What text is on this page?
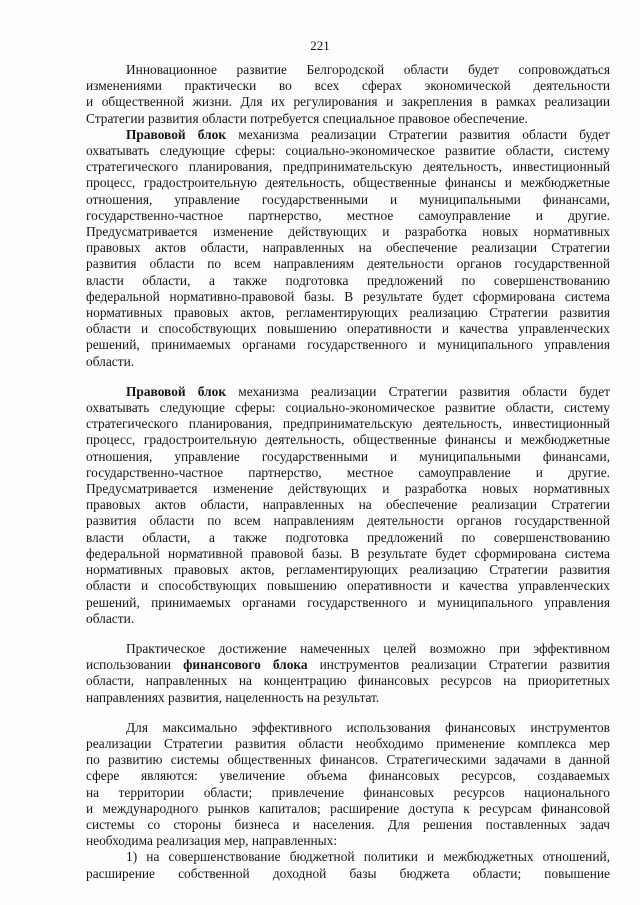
221

Инновационное развитие Белгородской области будет сопровождаться
изменениями практически во всех сферах экономической деятельности
и общественной жизни. Для их регулирования и закрепления в рамках реализации
Стратегии развития области потребуется специальное правовое обеспечение.

Правовой блок механизма реализации Стратегии развития области будет
охватывать следующие сферы: социально-экономическое развитие области, систему
стратегического планирования, предпринимательскую деятельность, инвестиционный
процесс, градостроительную деятельность, общественные финансы и межбюджетные
отношения, управление государственными и муниципальными финансами,
государственно-частное партнерство, местное самоуправление и другие.
Предусматривается изменение действующих и разработка новых нормативных
правовых актов области, направленных на обеспечение реализации Стратегии
развития области по всем направлениям деятельности органов государственной
власти области, а также подготовка предложений по совершенствованию
федеральной нормативно-правовой базы. В результате будет сформирована система
нормативных правовых актов, регламентирующих реализацию Стратегии развития
области и способствующих повышению оперативности и качества управленческих
решений, принимаемых органами государственного и муниципального управления
области.

Правовой блок механизма реализации Стратегии развития области будет
охватывать следующие сферы: социально-экономическое развитие области, систему
стратегического планирования, предпринимательскую деятельность, инвестиционный
процесс, градостроительную деятельность, общественные финансы и межбюджетные
отношения, управление государственными и муниципальными финансами,
государственно-частное партнерство, местное самоуправление и другие.
Предусматривается изменение действующих и разработка новых нормативных
правовых актов области, направленных на обеспечение реализации Стратегии
развития области по всем направлениям деятельности органов государственной
власти области, а также подготовка предложений по совершенствованию
федеральной нормативной правовой базы. В результате будет сформирована система
нормативных правовых актов, регламентирующих реализацию Стратегии развития
области и способствующих повышению оперативности и качества управленческих
решений, принимаемых органами государственного и муниципального управления
области.

Практическое достижение намеченных целей возможно при эффективном
использовании финансового блока инструментов реализации Стратегии развития
области, направленных на концентрацию финансовых ресурсов на приоритетных
направлениях развития, нацеленность на результат.

Для максимально эффективного использования финансовых инструментов
реализации Стратегии развития области необходимо применение комплекса мер
по развитию системы общественных финансов. Стратегическими задачами в данной
сфере являются: увеличение объема финансовых ресурсов, создаваемых
на территории области; привлечение финансовых ресурсов национального
и международного рынков капиталов; расширение доступа к ресурсам финансовой
системы со стороны бизнеса и населения. Для решения поставленных задач
необходима реализация мер, направленных:

1) на совершенствование бюджетной политики и межбюджетных отношений,
расширение собственной доходной базы бюджета области; повышение
